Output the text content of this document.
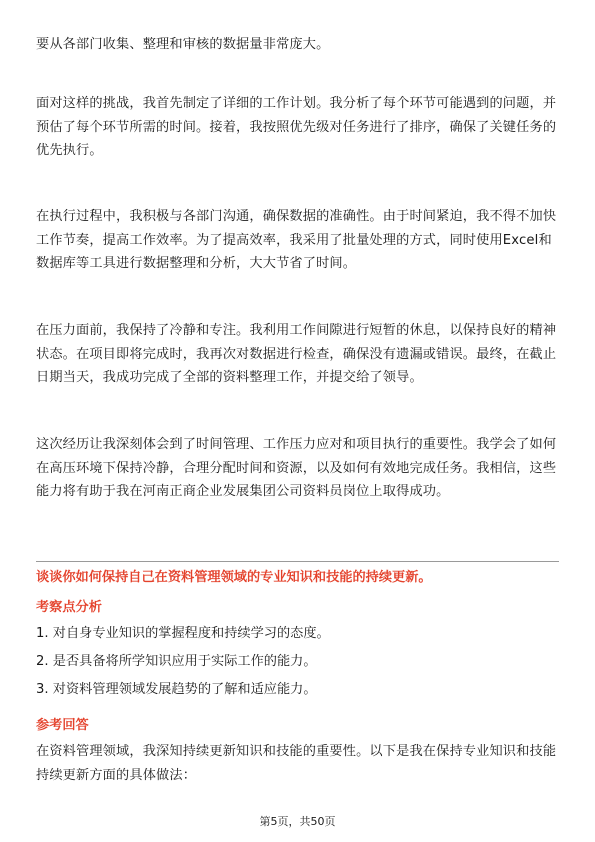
要从各部门收集、整理和审核的数据量非常庞大。

面对这样的挑战，我首先制定了详细的工作计划。我分析了每个环节可能遇到的问题，并预估了每个环节所需的时间。接着，我按照优先级对任务进行了排序，确保了关键任务的优先执行。

在执行过程中，我积极与各部门沟通，确保数据的准确性。由于时间紧迫，我不得不加快工作节奏，提高工作效率。为了提高效率，我采用了批量处理的方式，同时使用Excel和数据库等工具进行数据整理和分析，大大节省了时间。

在压力面前，我保持了冷静和专注。我利用工作间隙进行短暂的休息，以保持良好的精神状态。在项目即将完成时，我再次对数据进行检查，确保没有遗漏或错误。最终，在截止日期当天，我成功完成了全部的资料整理工作，并提交给了领导。

这次经历让我深刻体会到了时间管理、工作压力应对和项目执行的重要性。我学会了如何在高压环境下保持冷静，合理分配时间和资源，以及如何有效地完成任务。我相信，这些能力将有助于我在河南正商企业发展集团公司资料员岗位上取得成功。

谈谈你如何保持自己在资料管理领域的专业知识和技能的持续更新。

考察点分析

1. 对自身专业知识的掌握程度和持续学习的态度。

2. 是否具备将所学知识应用于实际工作的能力。

3. 对资料管理领域发展趋势的了解和适应能力。

参考回答

在资料管理领域，我深知持续更新知识和技能的重要性。以下是我在保持专业知识和技能持续更新方面的具体做法：

第5页，共50页
